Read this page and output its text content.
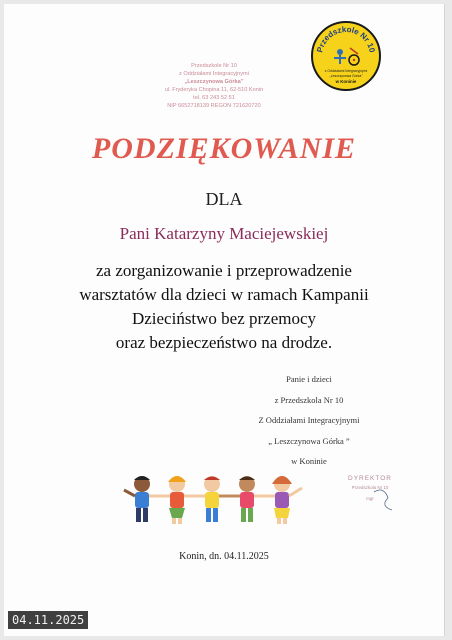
Przedszkole Nr 10
z Oddziałami Integracyjnymi
„Leszczynowa Górka”
ul. Fryderyka Chopina 11, 62-510 Konin
tel. 63 243 52 51
NIP 6652718139 REGON 721620720
Przedszkole Nr 10
z Oddziałami Integracyjnymi
„Leszczynowa Górka”
w Koninie
PODZIĘKOWANIE
DLA
Pani Katarzyny Maciejewskiej
za zorganizowanie i przeprowadzenie
warsztatów dla dzieci w ramach Kampanii
Dzieciństwo bez przemocy
oraz bezpieczeństwo na drodze.
Panie i dzieci
z Przedszkola Nr 10
Z Oddziałami Integracyjnymi
„ Leszczynowa Górka ”
w Koninie
DYREKTOR
Przedszkola Nr 10
mgr
Konin, dn. 04.11.2025
04.11.2025
